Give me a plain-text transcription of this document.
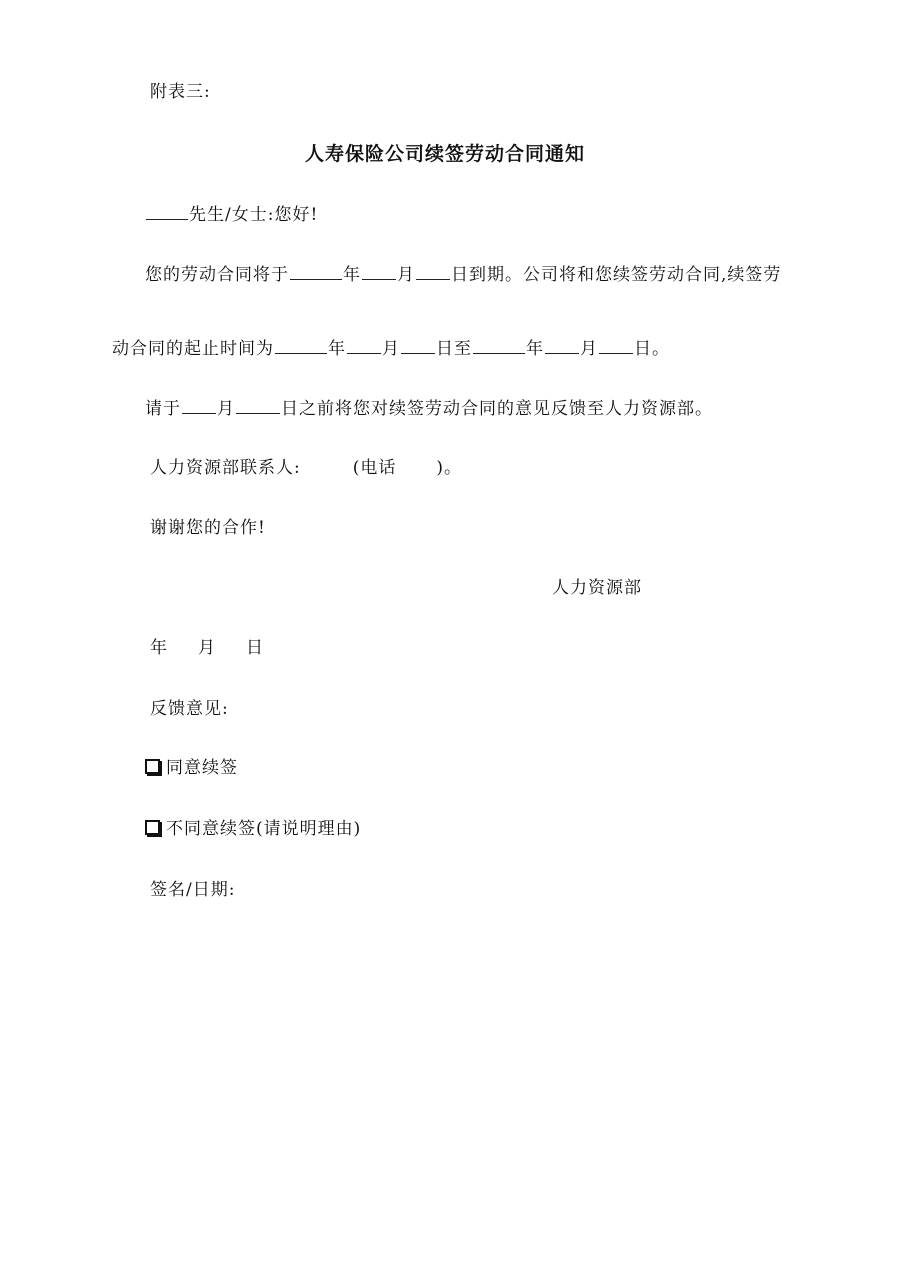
附表三:
人寿保险公司续签劳动合同通知
先生/女士:您好!
您的劳动合同将于	年 月 日到期。公司将和您续签劳动合同,续签劳
动合同的起止时间为	年 月 日至	年 月 日。
请于 月	日之前将您对续签劳动合同的意见反馈至人力资源部。
人力资源部联系人:	(电话 )。
谢谢您的合作!
人力资源部
年 月 日
反馈意见:
同意续签
不同意续签(请说明理由)
签名/日期:
